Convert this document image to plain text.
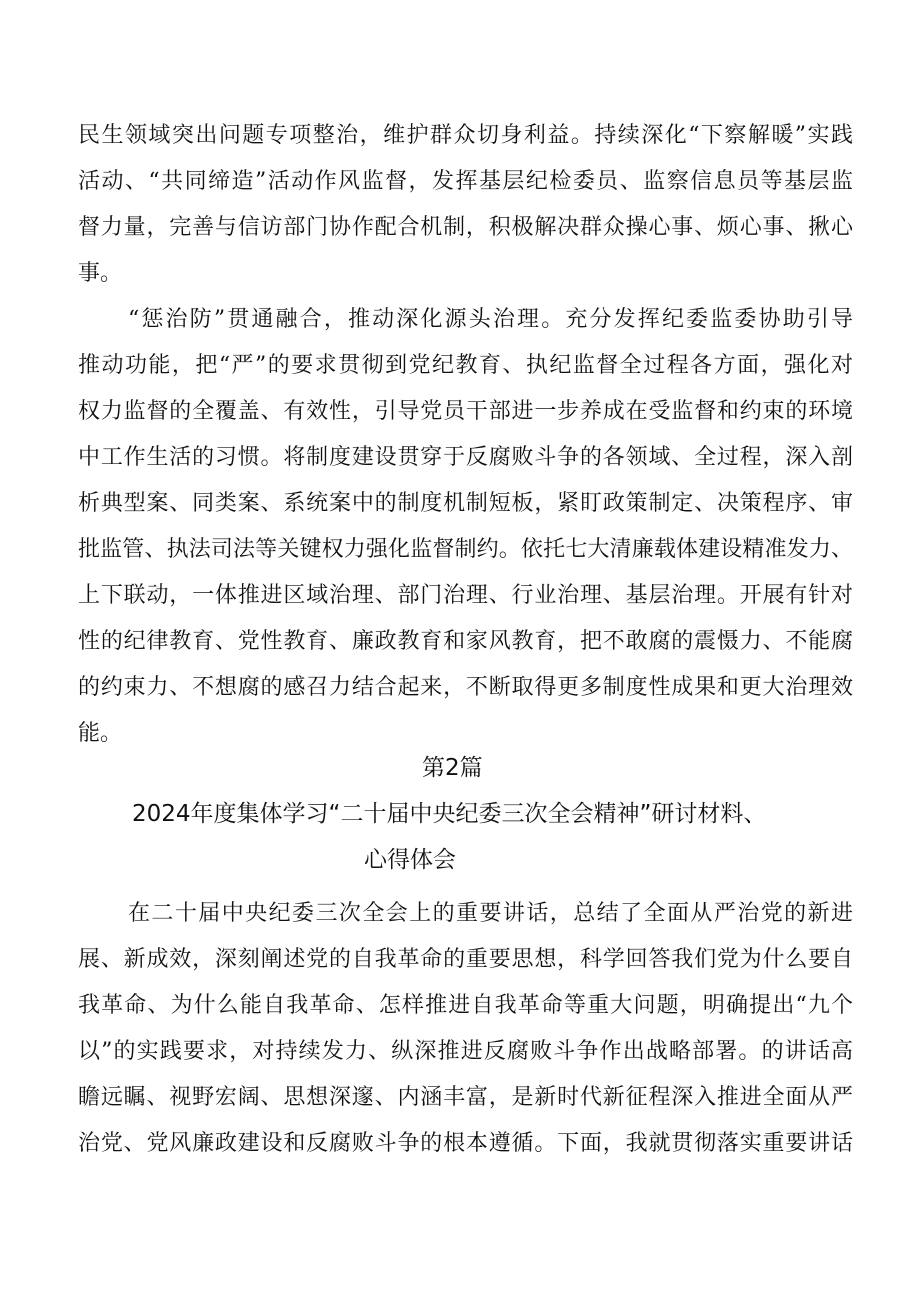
民生领域突出问题专项整治，维护群众切身利益。持续深化“下察解暖”实践
活动、“共同缔造”活动作风监督，发挥基层纪检委员、监察信息员等基层监
督力量，完善与信访部门协作配合机制，积极解决群众操心事、烦心事、揪心
事。
“惩治防”贯通融合，推动深化源头治理。充分发挥纪委监委协助引导
推动功能，把“严”的要求贯彻到党纪教育、执纪监督全过程各方面，强化对
权力监督的全覆盖、有效性，引导党员干部进一步养成在受监督和约束的环境
中工作生活的习惯。将制度建设贯穿于反腐败斗争的各领域、全过程，深入剖
析典型案、同类案、系统案中的制度机制短板，紧盯政策制定、决策程序、审
批监管、执法司法等关键权力强化监督制约。依托七大清廉载体建设精准发力、
上下联动，一体推进区域治理、部门治理、行业治理、基层治理。开展有针对
性的纪律教育、党性教育、廉政教育和家风教育，把不敢腐的震慑力、不能腐
的约束力、不想腐的感召力结合起来，不断取得更多制度性成果和更大治理效
能。
第2篇
2024年度集体学习“二十届中央纪委三次全会精神”研讨材料、
心得体会
在二十届中央纪委三次全会上的重要讲话，总结了全面从严治党的新进
展、新成效，深刻阐述党的自我革命的重要思想，科学回答我们党为什么要自
我革命、为什么能自我革命、怎样推进自我革命等重大问题，明确提出“九个
以”的实践要求，对持续发力、纵深推进反腐败斗争作出战略部署。的讲话高
瞻远瞩、视野宏阔、思想深邃、内涵丰富，是新时代新征程深入推进全面从严
治党、党风廉政建设和反腐败斗争的根本遵循。下面，我就贯彻落实重要讲话
